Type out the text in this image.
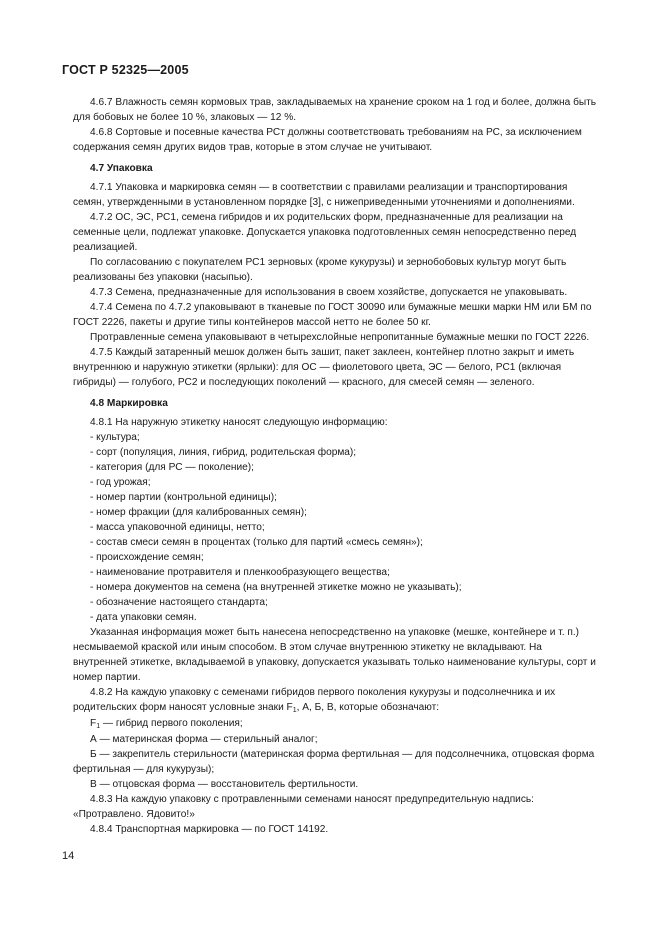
ГОСТ Р 52325—2005

4.6.7 Влажность семян кормовых трав, закладываемых на хранение сроком на 1 год и более, должна быть для бобовых не более 10 %, злаковых — 12 %.

4.6.8 Сортовые и посевные качества РСт должны соответствовать требованиям на РС, за исключением содержания семян других видов трав, которые в этом случае не учитывают.

4.7 Упаковка

4.7.1 Упаковка и маркировка семян — в соответствии с правилами реализации и транспортирования семян, утвержденными в установленном порядке [3], с нижеприведенными уточнениями и дополнениями.

4.7.2 ОС, ЭС, РС1, семена гибридов и их родительских форм, предназначенные для реализации на семенные цели, подлежат упаковке. Допускается упаковка подготовленных семян непосредственно перед реализацией.

По согласованию с покупателем РС1 зерновых (кроме кукурузы) и зернобобовых культур могут быть реализованы без упаковки (насыпью).

4.7.3 Семена, предназначенные для использования в своем хозяйстве, допускается не упаковывать.

4.7.4 Семена по 4.7.2 упаковывают в тканевые по ГОСТ 30090 или бумажные мешки марки НМ или БМ по ГОСТ 2226, пакеты и другие типы контейнеров массой нетто не более 50 кг.

Протравленные семена упаковывают в четырехслойные непропитанные бумажные мешки по ГОСТ 2226.

4.7.5 Каждый затаренный мешок должен быть зашит, пакет заклеен, контейнер плотно закрыт и иметь внутреннюю и наружную этикетки (ярлыки): для ОС — фиолетового цвета, ЭС — белого, РС1 (включая гибриды) — голубого, РС2 и последующих поколений — красного, для смесей семян — зеленого.

4.8 Маркировка

4.8.1 На наружную этикетку наносят следующую информацию:

- культура;

- сорт (популяция, линия, гибрид, родительская форма);

- категория (для РС — поколение);

- год урожая;

- номер партии (контрольной единицы);

- номер фракции (для калиброванных семян);

- масса упаковочной единицы, нетто;

- состав смеси семян в процентах (только для партий «смесь семян»);

- происхождение семян;

- наименование протравителя и пленкообразующего вещества;

- номера документов на семена (на внутренней этикетке можно не указывать);

- обозначение настоящего стандарта;

- дата упаковки семян.

Указанная информация может быть нанесена непосредственно на упаковке (мешке, контейнере и т. п.) несмываемой краской или иным способом. В этом случае внутреннюю этикетку не вкладывают. На внутренней этикетке, вкладываемой в упаковку, допускается указывать только наименование культуры, сорт и номер партии.

4.8.2 На каждую упаковку с семенами гибридов первого поколения кукурузы и подсолнечника и их родительских форм наносят условные знаки $F_1$, А, Б, В, которые обозначают:

$F_1$ — гибрид первого поколения;

А — материнская форма — стерильный аналог;

Б — закрепитель стерильности (материнская форма фертильная — для подсолнечника, отцовская форма фертильная — для кукурузы);

В — отцовская форма — восстановитель фертильности.

4.8.3 На каждую упаковку с протравленными семенами наносят предупредительную надпись: «Протравлено. Ядовито!»

4.8.4 Транспортная маркировка — по ГОСТ 14192.

14
